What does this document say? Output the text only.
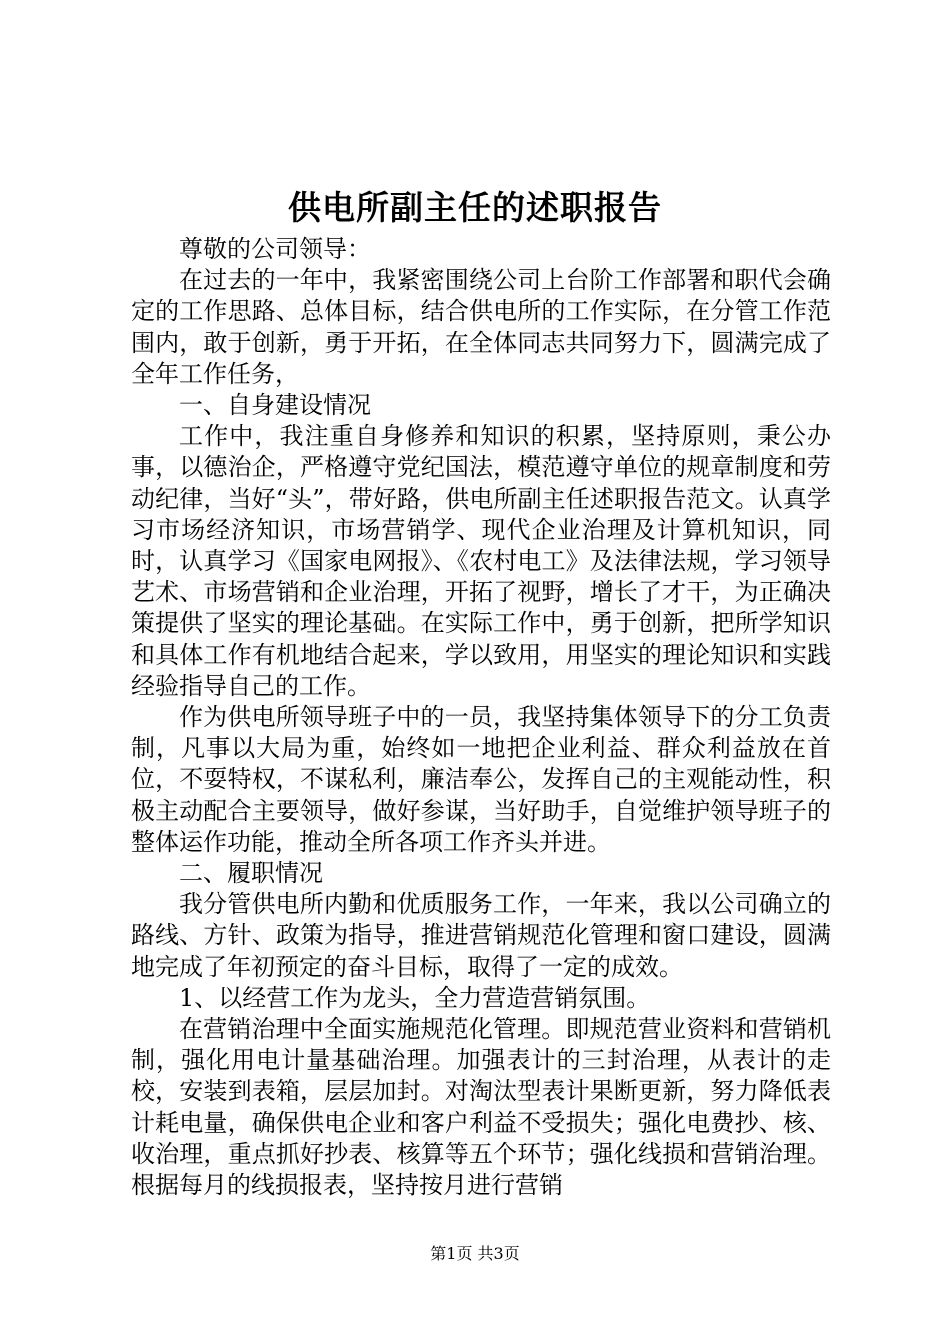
供电所副主任的述职报告

尊敬的公司领导：

在过去的一年中，我紧密围绕公司上台阶工作部署和职代会确定的工作思路、总体目标，结合供电所的工作实际，在分管工作范围内，敢于创新，勇于开拓，在全体同志共同努力下，圆满完成了全年工作任务，

一、自身建设情况

工作中，我注重自身修养和知识的积累，坚持原则，秉公办事，以德治企，严格遵守党纪国法，模范遵守单位的规章制度和劳动纪律，当好“头”，带好路，供电所副主任述职报告范文。认真学习市场经济知识，市场营销学、现代企业治理及计算机知识，同时，认真学习《国家电网报》、《农村电工》及法律法规，学习领导艺术、市场营销和企业治理，开拓了视野，增长了才干，为正确决策提供了坚实的理论基础。在实际工作中，勇于创新，把所学知识和具体工作有机地结合起来，学以致用，用坚实的理论知识和实践经验指导自己的工作。

作为供电所领导班子中的一员，我坚持集体领导下的分工负责制，凡事以大局为重，始终如一地把企业利益、群众利益放在首位，不耍特权，不谋私利，廉洁奉公，发挥自己的主观能动性，积极主动配合主要领导，做好参谋，当好助手，自觉维护领导班子的整体运作功能，推动全所各项工作齐头并进。

二、履职情况

我分管供电所内勤和优质服务工作，一年来，我以公司确立的路线、方针、政策为指导，推进营销规范化管理和窗口建设，圆满地完成了年初预定的奋斗目标，取得了一定的成效。

1、以经营工作为龙头，全力营造营销氛围。

在营销治理中全面实施规范化管理。即规范营业资料和营销机制，强化用电计量基础治理。加强表计的三封治理，从表计的走校，安装到表箱，层层加封。对淘汰型表计果断更新，努力降低表计耗电量，确保供电企业和客户利益不受损失；强化电费抄、核、收治理，重点抓好抄表、核算等五个环节；强化线损和营销治理。根据每月的线损报表，坚持按月进行营销

第1页 共3页
